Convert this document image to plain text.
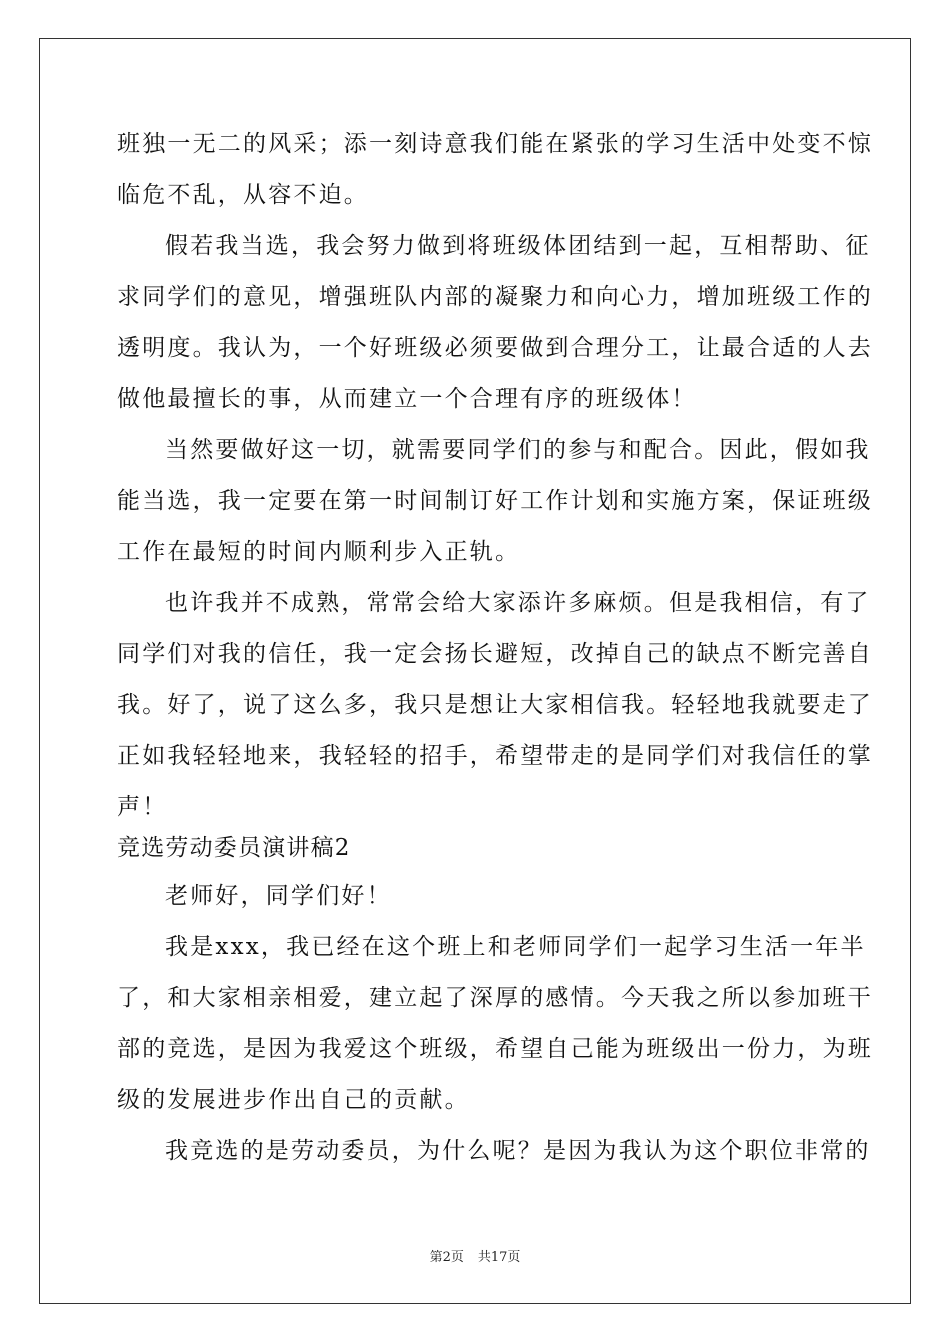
班独一无二的风采；添一刻诗意我们能在紧张的学习生活中处变不惊
临危不乱，从容不迫。
假若我当选，我会努力做到将班级体团结到一起，互相帮助、征
求同学们的意见，增强班队内部的凝聚力和向心力，增加班级工作的
透明度。我认为，一个好班级必须要做到合理分工，让最合适的人去
做他最擅长的事，从而建立一个合理有序的班级体！
当然要做好这一切，就需要同学们的参与和配合。因此，假如我
能当选，我一定要在第一时间制订好工作计划和实施方案，保证班级
工作在最短的时间内顺利步入正轨。
也许我并不成熟，常常会给大家添许多麻烦。但是我相信，有了
同学们对我的信任，我一定会扬长避短，改掉自己的缺点不断完善自
我。好了，说了这么多，我只是想让大家相信我。轻轻地我就要走了
正如我轻轻地来，我轻轻的招手，希望带走的是同学们对我信任的掌
声！
竞选劳动委员演讲稿2
老师好，同学们好！
我是xxx，我已经在这个班上和老师同学们一起学习生活一年半
了，和大家相亲相爱，建立起了深厚的感情。今天我之所以参加班干
部的竞选，是因为我爱这个班级，希望自己能为班级出一份力，为班
级的发展进步作出自己的贡献。
我竞选的是劳动委员，为什么呢？是因为我认为这个职位非常的
第2页 共17页
